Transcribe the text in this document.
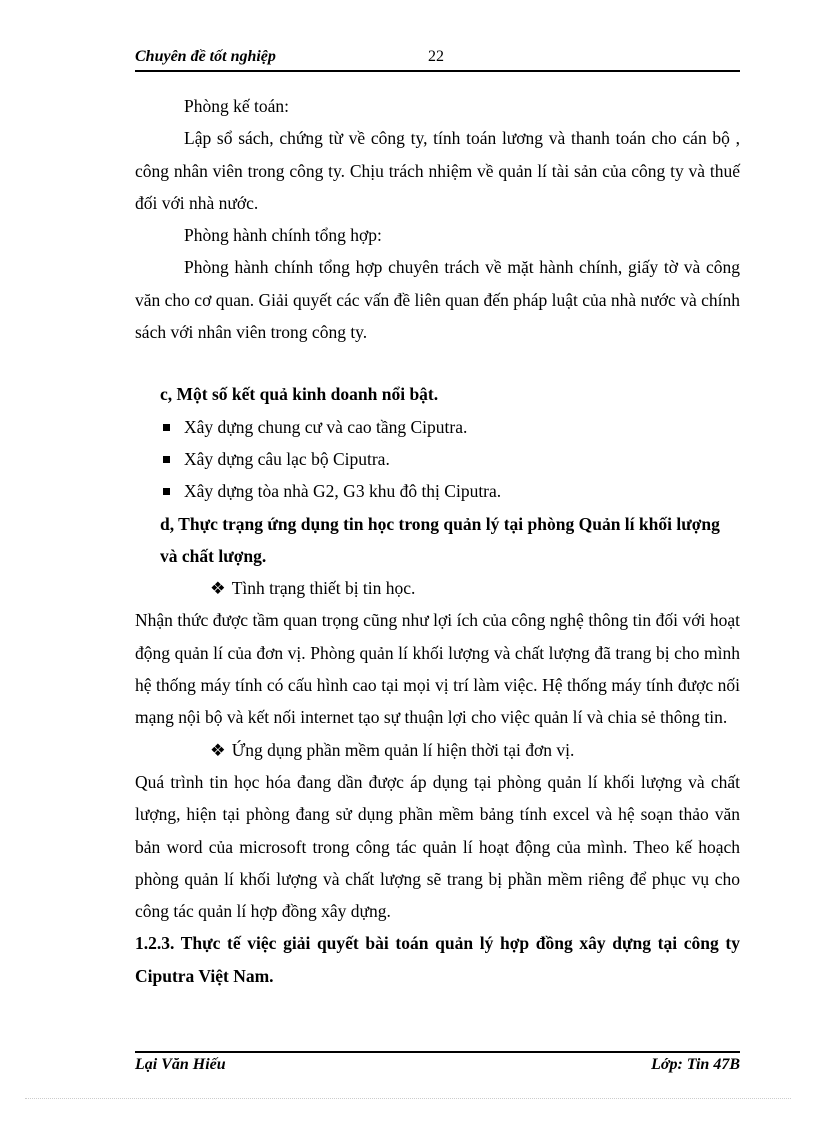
Chuyên đề tốt nghiệp	22

Phòng kế toán:

Lập sổ sách, chứng từ về công ty, tính toán lương và thanh toán cho cán bộ , công nhân viên trong công ty. Chịu trách nhiệm về quản lí tài sản của công ty và thuế đối với nhà nước.

Phòng hành chính tổng hợp:

Phòng hành chính tổng hợp chuyên trách về mặt hành chính, giấy tờ và công văn cho cơ quan. Giải quyết các vấn đề liên quan đến pháp luật của nhà nước và chính sách với nhân viên trong công ty.

c, Một số kết quả kinh doanh nổi bật.

Xây dựng chung cư và cao tầng Ciputra.
Xây dựng câu lạc bộ Ciputra.
Xây dựng tòa nhà G2, G3 khu đô thị Ciputra.

d, Thực trạng ứng dụng tin học trong quản lý tại phòng Quản lí khối lượng và chất lượng.

❖ Tình trạng thiết bị tin học.

Nhận thức được tầm quan trọng cũng như lợi ích của công nghệ thông tin đối với hoạt động quản lí của đơn vị. Phòng quản lí khối lượng và chất lượng đã trang bị cho mình hệ thống máy tính có cấu hình cao tại mọi vị trí làm việc. Hệ thống máy tính được nối mạng nội bộ và kết nối internet tạo sự thuận lợi cho việc quản lí và chia sẻ thông tin.

❖ Ứng dụng phần mềm quản lí hiện thời tại đơn vị.

Quá trình tin học hóa đang dần được áp dụng tại phòng quản lí khối lượng và chất lượng, hiện tại phòng đang sử dụng phần mềm bảng tính excel và hệ soạn thảo văn bản word của microsoft trong công tác quản lí hoạt động của mình. Theo kế hoạch phòng quản lí khối lượng và chất lượng sẽ trang bị phần mềm riêng để phục vụ cho công tác quản lí hợp đồng xây dựng.

1.2.3. Thực tế việc giải quyết bài toán quản lý hợp đồng xây dựng tại công ty Ciputra Việt Nam.

Lại Văn Hiếu	Lớp: Tin 47B
